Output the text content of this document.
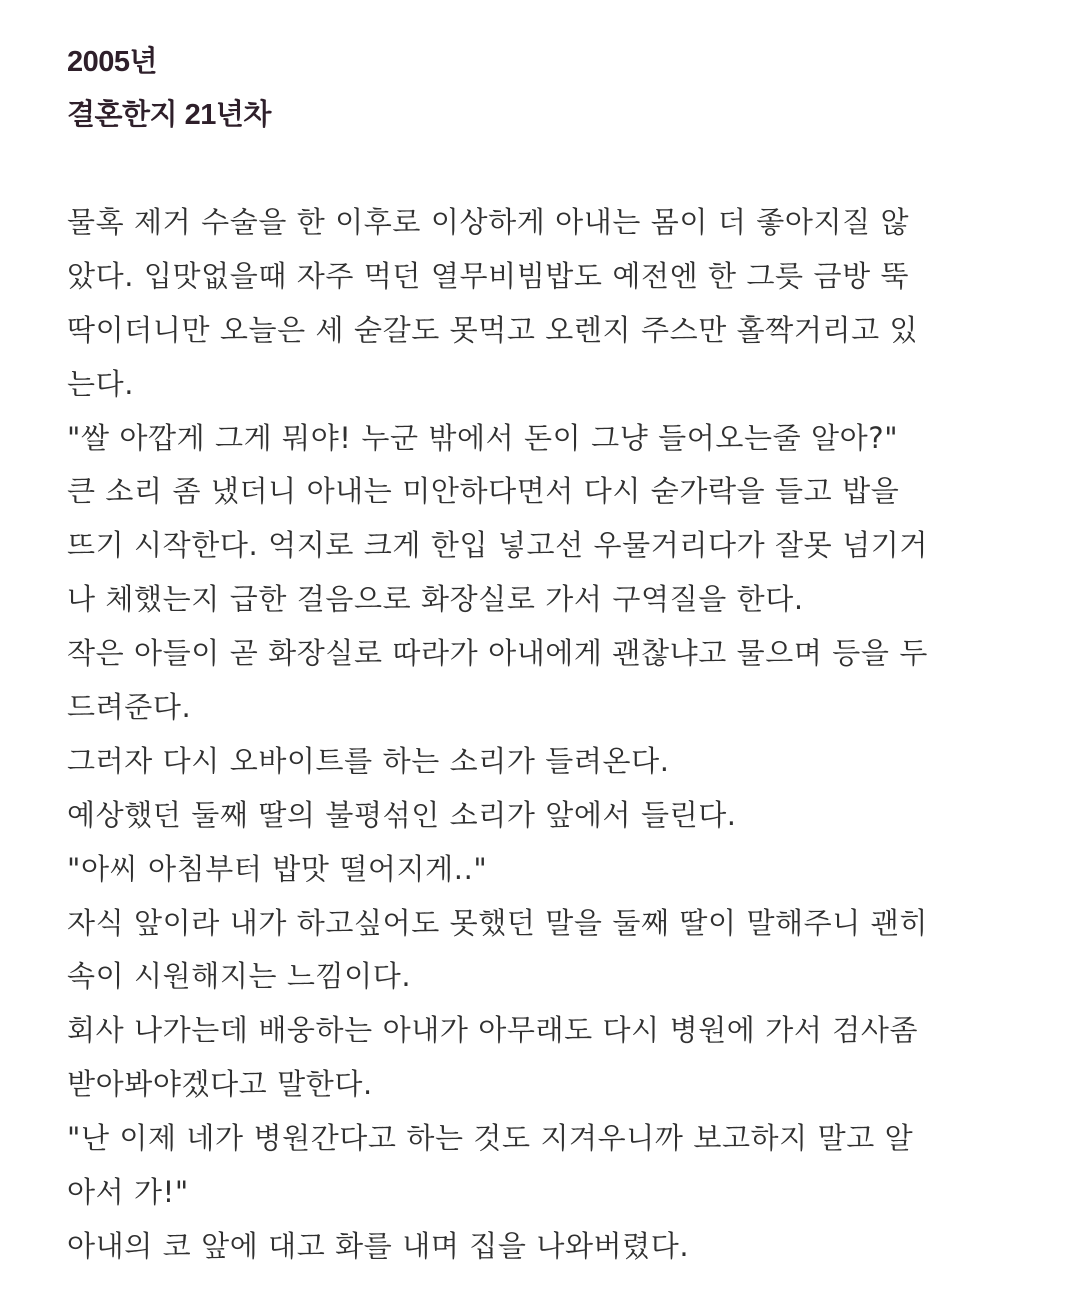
2005년
결혼한지 21년차
물혹 제거 수술을 한 이후로 이상하게 아내는 몸이 더 좋아지질 않
았다. 입맛없을때 자주 먹던 열무비빔밥도 예전엔 한 그릇 금방 뚝
딱이더니만 오늘은 세 숟갈도 못먹고 오렌지 주스만 홀짝거리고 있
는다.
"쌀 아깝게 그게 뭐야! 누군 밖에서 돈이 그냥 들어오는줄 알아?"
큰 소리 좀 냈더니 아내는 미안하다면서 다시 숟가락을 들고 밥을
뜨기 시작한다. 억지로 크게 한입 넣고선 우물거리다가 잘못 넘기거
나 체했는지 급한 걸음으로 화장실로 가서 구역질을 한다.
작은 아들이 곧 화장실로 따라가 아내에게 괜찮냐고 물으며 등을 두
드려준다.
그러자 다시 오바이트를 하는 소리가 들려온다.
예상했던 둘째 딸의 불평섞인 소리가 앞에서 들린다.
"아씨 아침부터 밥맛 떨어지게.."
자식 앞이라 내가 하고싶어도 못했던 말을 둘째 딸이 말해주니 괜히
속이 시원해지는 느낌이다.
회사 나가는데 배웅하는 아내가 아무래도 다시 병원에 가서 검사좀
받아봐야겠다고 말한다.
"난 이제 네가 병원간다고 하는 것도 지겨우니까 보고하지 말고 알
아서 가!"
아내의 코 앞에 대고 화를 내며 집을 나와버렸다.
